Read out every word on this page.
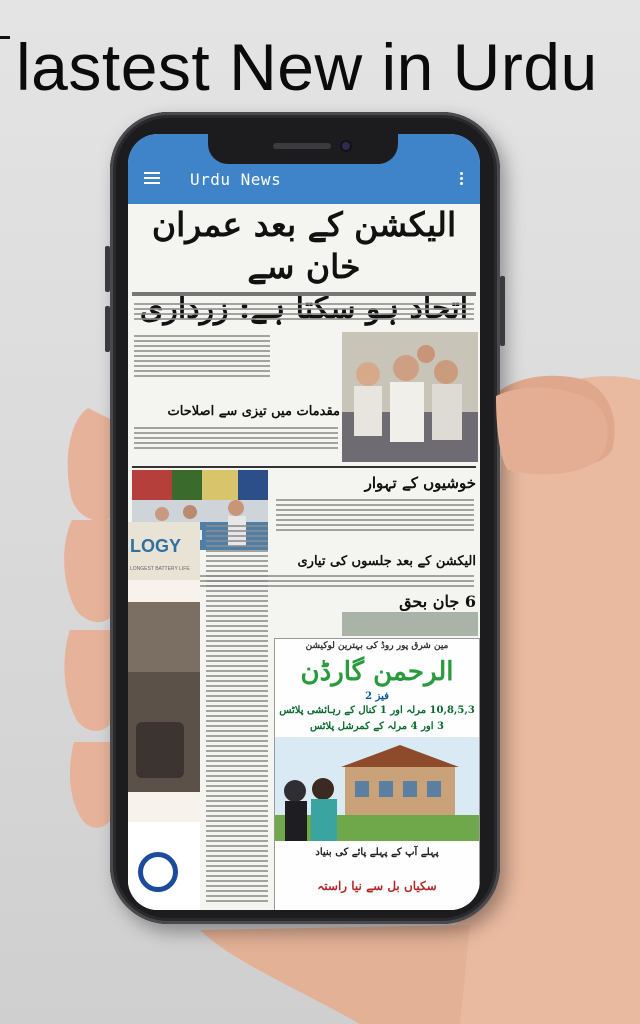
lastest New in Urdu
Urdu News
الیکشن کے بعد عمران خان سے
مقدمات میں تیزی سے اصلاحات
خوشیوں کے تہوار
الیکشن کے بعد جلسوں کی تیاری
6 جان بحق
LOGY
LONGEST BATTERY LIFE
مین شرق پور روڈ کی بہترین لوکیشن
الرحمن گارڈن
فیز 2
10,8,5,3 مرلہ اور 1 کنال کے رہائشی پلاٹس
3 اور 4 مرلہ کے کمرشل پلاٹس
پہلے آپ کے پہلے پائے کی بنیاد
سکیاں بل سے نیا راستہ
